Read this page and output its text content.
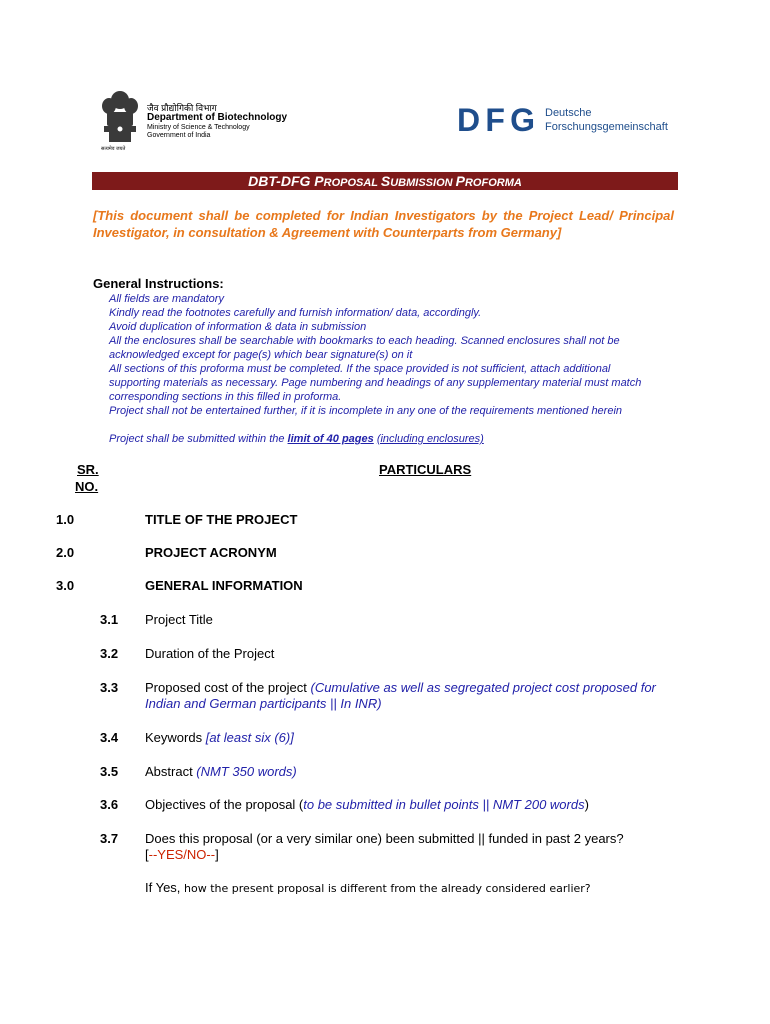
जैव प्रौद्योगिकी विभाग
Department of Biotechnology
Ministry of Science & Technology
Government of India
सत्यमेव जयते
DFG Deutsche
Forschungsgemeinschaft
DBT-DFG PROPOSAL SUBMISSION PROFORMA
[This document shall be completed for Indian Investigators by the Project Lead/ Principal Investigator, in consultation & Agreement with Counterparts from Germany]
General Instructions:
All fields are mandatory
Kindly read the footnotes carefully and furnish information/ data, accordingly.
Avoid duplication of information & data in submission
All the enclosures shall be searchable with bookmarks to each heading. Scanned enclosures shall not be acknowledged except for page(s) which bear signature(s) on it
All sections of this proforma must be completed. If the space provided is not sufficient, attach additional supporting materials as necessary. Page numbering and headings of any supplementary material must match corresponding sections in this filled in proforma.
Project shall not be entertained further, if it is incomplete in any one of the requirements mentioned herein
Project shall be submitted within the limit of 40 pages (including enclosures)
SR.
NO.
PARTICULARS
1.0	TITLE OF THE PROJECT
2.0	PROJECT ACRONYM
3.0	GENERAL INFORMATION
3.1 Project Title
3.2 Duration of the Project
3.3 Proposed cost of the project (Cumulative as well as segregated project cost proposed for Indian and German participants || In INR)
3.4 Keywords [at least six (6)]
3.5 Abstract (NMT 350 words)
3.6 Objectives of the proposal (to be submitted in bullet points || NMT 200 words)
3.7 Does this proposal (or a very similar one) been submitted || funded in past 2 years?
[--YES/NO--]
If Yes, how the present proposal is different from the already considered earlier?
